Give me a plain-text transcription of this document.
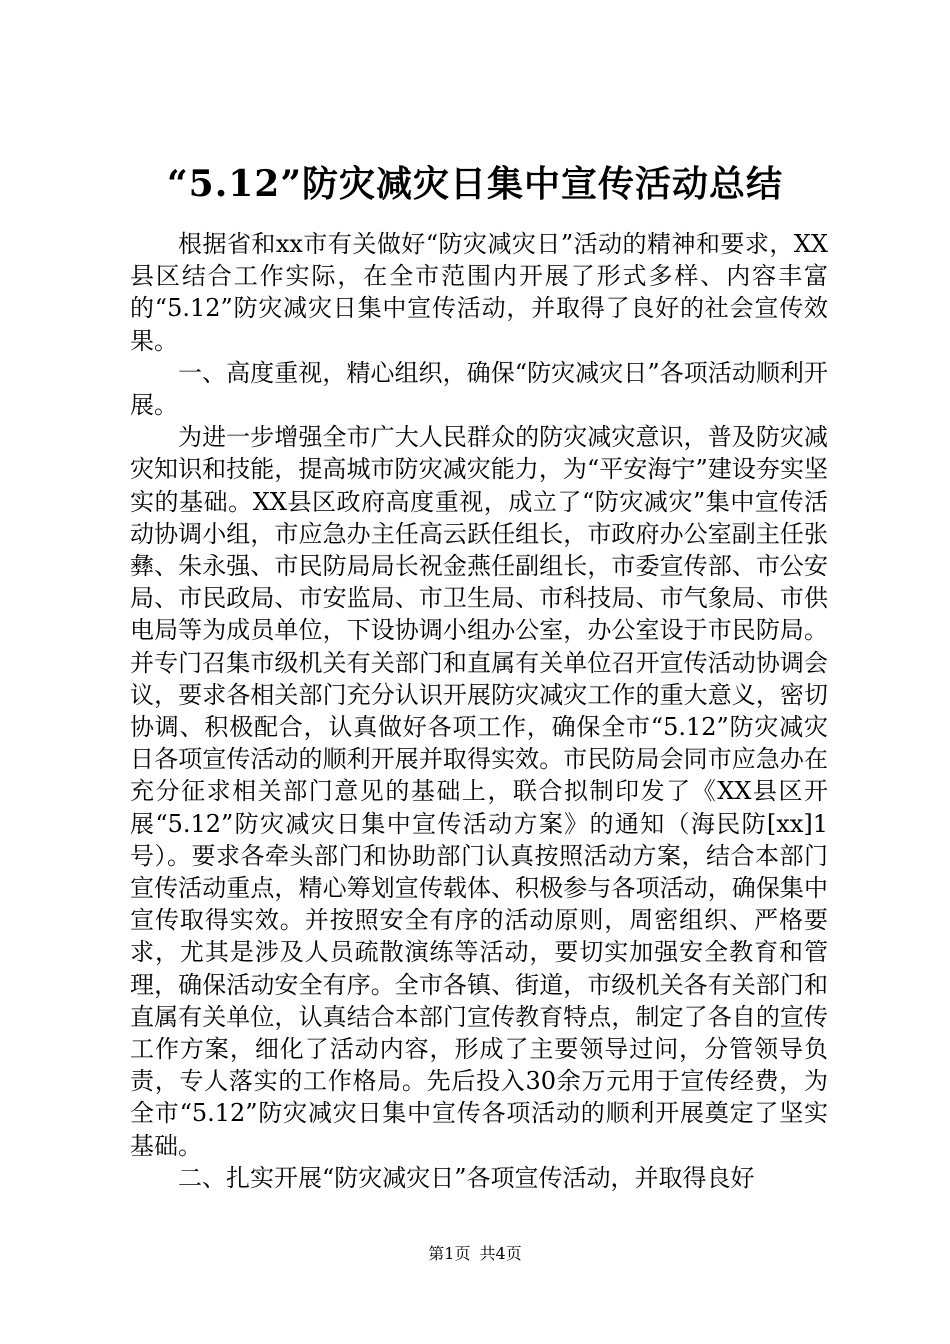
“5.12”防灾减灾日集中宣传活动总结

根据省和xx市有关做好“防灾减灾日”活动的精神和要求，XX县区结合工作实际，在全市范围内开展了形式多样、内容丰富的“5.12”防灾减灾日集中宣传活动，并取得了良好的社会宣传效果。

一、高度重视，精心组织，确保“防灾减灾日”各项活动顺利开展。

为进一步增强全市广大人民群众的防灾减灾意识，普及防灾减灾知识和技能，提高城市防灾减灾能力，为“平安海宁”建设夯实坚实的基础。XX县区政府高度重视，成立了“防灾减灾”集中宣传活动协调小组，市应急办主任高云跃任组长，市政府办公室副主任张彝、朱永强、市民防局局长祝金燕任副组长，市委宣传部、市公安局、市民政局、市安监局、市卫生局、市科技局、市气象局、市供电局等为成员单位，下设协调小组办公室，办公室设于市民防局。并专门召集市级机关有关部门和直属有关单位召开宣传活动协调会议，要求各相关部门充分认识开展防灾减灾工作的重大意义，密切协调、积极配合，认真做好各项工作，确保全市“5.12”防灾减灾日各项宣传活动的顺利开展并取得实效。市民防局会同市应急办在充分征求相关部门意见的基础上，联合拟制印发了《XX县区开展“5.12”防灾减灾日集中宣传活动方案》的通知（海民防[xx]1号）。要求各牵头部门和协助部门认真按照活动方案，结合本部门宣传活动重点，精心筹划宣传载体、积极参与各项活动，确保集中宣传取得实效。并按照安全有序的活动原则，周密组织、严格要求，尤其是涉及人员疏散演练等活动，要切实加强安全教育和管理，确保活动安全有序。全市各镇、街道，市级机关各有关部门和直属有关单位，认真结合本部门宣传教育特点，制定了各自的宣传工作方案，细化了活动内容，形成了主要领导过问，分管领导负责，专人落实的工作格局。先后投入30余万元用于宣传经费，为全市“5.12”防灾减灾日集中宣传各项活动的顺利开展奠定了坚实基础。

二、扎实开展“防灾减灾日”各项宣传活动，并取得良好

第1页 共4页
